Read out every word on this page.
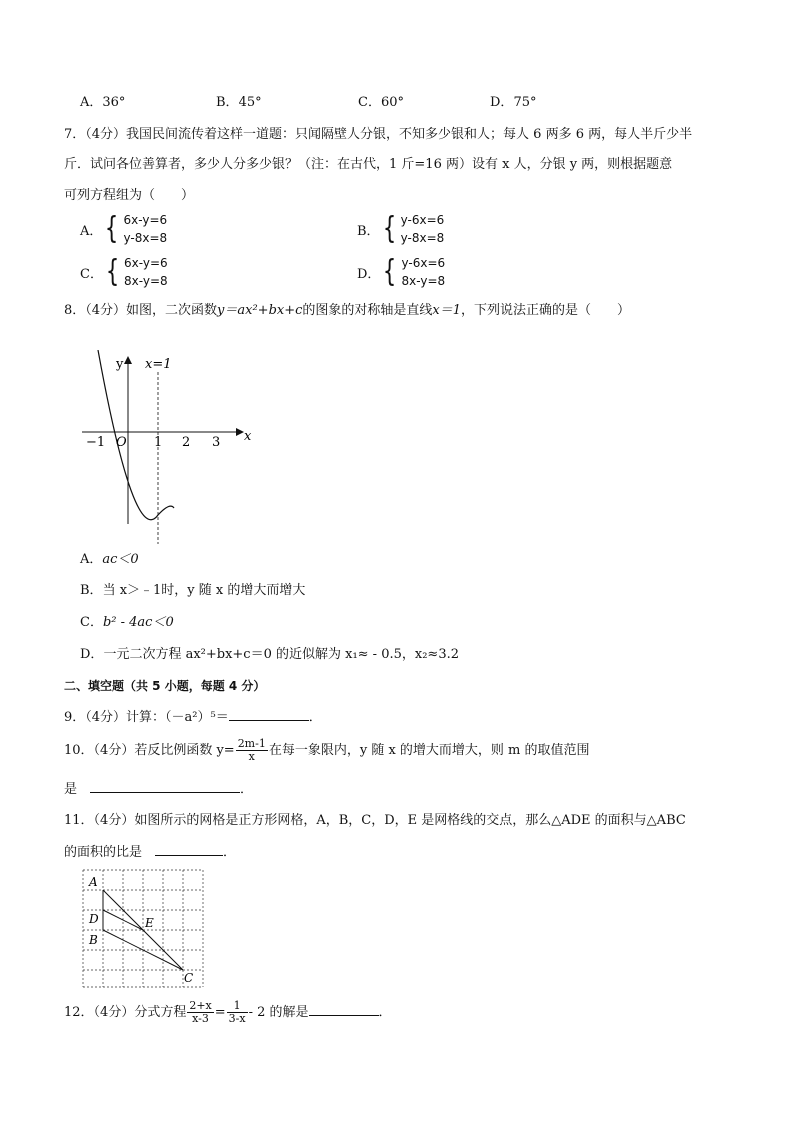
A．36°	B．45°	C．60°	D．75°
7．（4分）我国民间流传着这样一道题：只闻隔壁人分银，不知多少银和人；每人 6 两多 6 两，每人半斤少半
斤．试问各位善算者，多少人分多少银？（注：在古代，1 斤=16 两）设有 x 人，分银 y 两，则根据题意
可列方程组为（　　）
A． { 6x-y=6
y-8x=8	B． { y-6x=6
y-8x=8
C． { 6x-y=6
8x-y=8	D． { y-6x=6
8x-y=8
8．（4分）如图，二次函数y＝ax²+bx+c的图象的对称轴是直线x＝1，下列说法正确的是（　　）
y
x
x=1
O
−1	1 2 3
A．ac＜0
B．当 x＞﹣1时，y 随 x 的增大而增大
C．b² - 4ac＜0
D．一元二次方程 ax²+bx+c＝0 的近似解为 x₁≈ - 0.5，x₂≈3.2
二、填空题（共 5 小题，每题 4 分）
9．（4分）计算：（－a²）⁵＝	．
10．（4分）若反比例函数 $y= \frac{2m-1}{x}$ 在每一象限内，y 随 x 的增大而增大，则 m 的取值范围
是　	．
11．（4分）如图所示的网格是正方形网格，A，B，C，D，E 是网格线的交点，那么△ADE 的面积与△ABC
的面积的比是　	．
A
D
B
E
C
12．（4分）分式方程 $\frac{2+x}{x-3} = \frac{1}{3-x} - 2$ 的解是	．
